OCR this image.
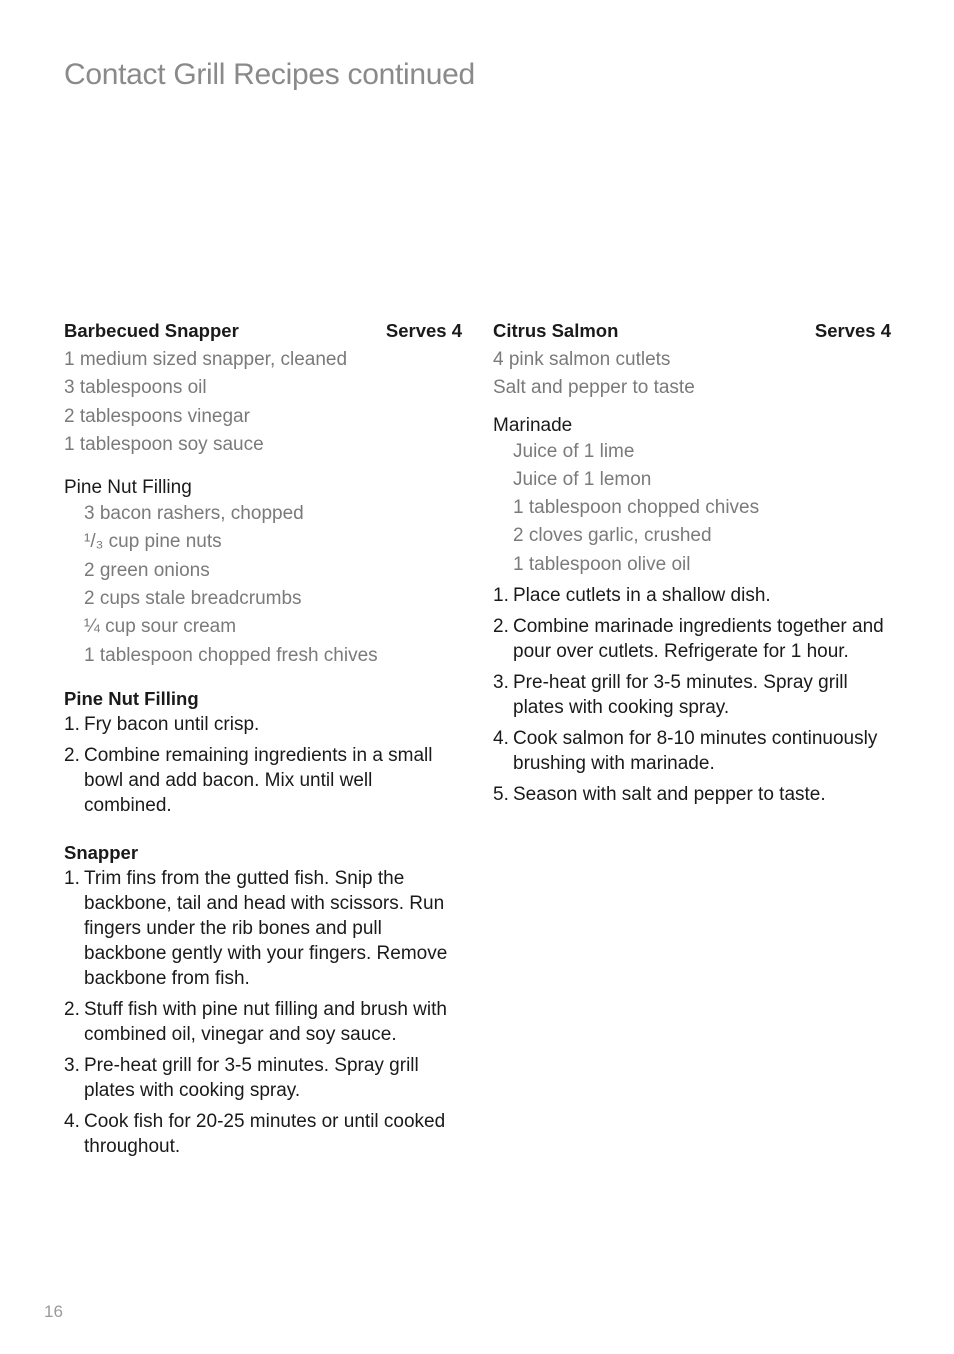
Contact Grill Recipes continued
Barbecued Snapper	Serves 4
1 medium sized snapper, cleaned
3 tablespoons oil
2 tablespoons vinegar
1 tablespoon soy sauce
Pine Nut Filling
3 bacon rashers, chopped
¹/₃ cup pine nuts
2 green onions
2 cups stale breadcrumbs
¼ cup sour cream
1 tablespoon chopped fresh chives
Pine Nut Filling
1. Fry bacon until crisp.
2. Combine remaining ingredients in a small bowl and add bacon. Mix until well combined.
Snapper
1. Trim fins from the gutted fish. Snip the backbone, tail and head with scissors. Run fingers under the rib bones and pull backbone gently with your fingers. Remove backbone from fish.
2. Stuff fish with pine nut filling and brush with combined oil, vinegar and soy sauce.
3. Pre-heat grill for 3-5 minutes. Spray grill plates with cooking spray.
4. Cook fish for 20-25 minutes or until cooked throughout.
Citrus Salmon	Serves 4
4 pink salmon cutlets
Salt and pepper to taste
Marinade
Juice of 1 lime
Juice of 1 lemon
1 tablespoon chopped chives
2 cloves garlic, crushed
1 tablespoon olive oil
1. Place cutlets in a shallow dish.
2. Combine marinade ingredients together and pour over cutlets. Refrigerate for 1 hour.
3. Pre-heat grill for 3-5 minutes. Spray grill plates with cooking spray.
4. Cook salmon for 8-10 minutes continuously brushing with marinade.
5. Season with salt and pepper to taste.
16
